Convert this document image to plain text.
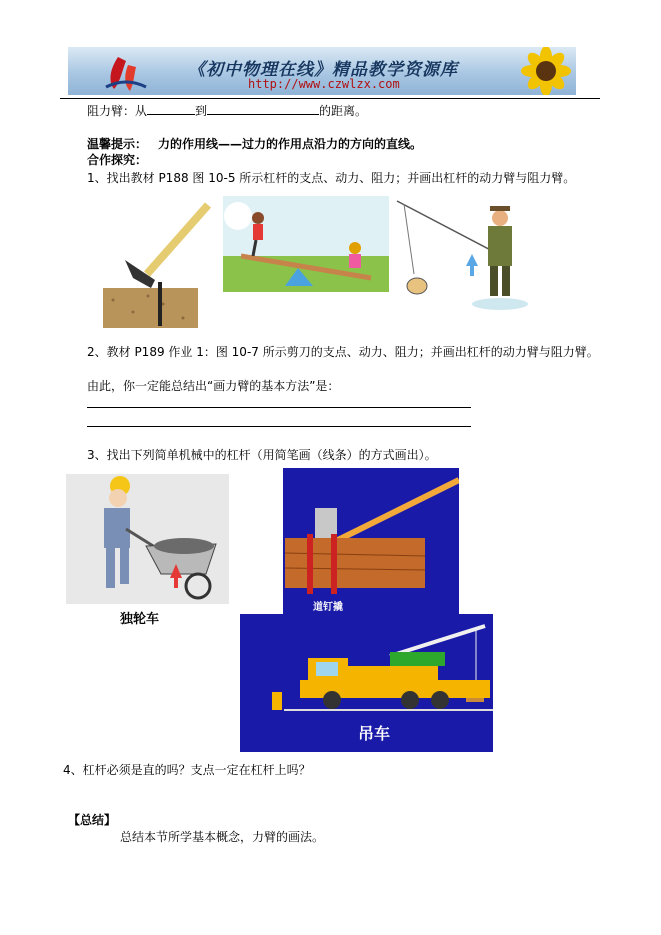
《初中物理在线》精品教学资源库
http://www.czwlzx.com
阻力臂：从	到	的距离。
温馨提示： 力的作用线——过力的作用点沿力的方向的直线。
合作探究：
1、找出教材 P188 图 10-5 所示杠杆的支点、动力、阻力；并画出杠杆的动力臂与阻力臂。
2、教材 P189 作业 1：图 10-7 所示剪刀的支点、动力、阻力；并画出杠杆的动力臂与阻力臂。
由此，你一定能总结出“画力臂的基本方法”是：
3、找出下列简单机械中的杠杆（用简笔画（线条）的方式画出）。
独轮车
道钉撬
吊车
4、杠杆必须是直的吗？支点一定在杠杆上吗？
【总结】
总结本节所学基本概念，力臂的画法。
